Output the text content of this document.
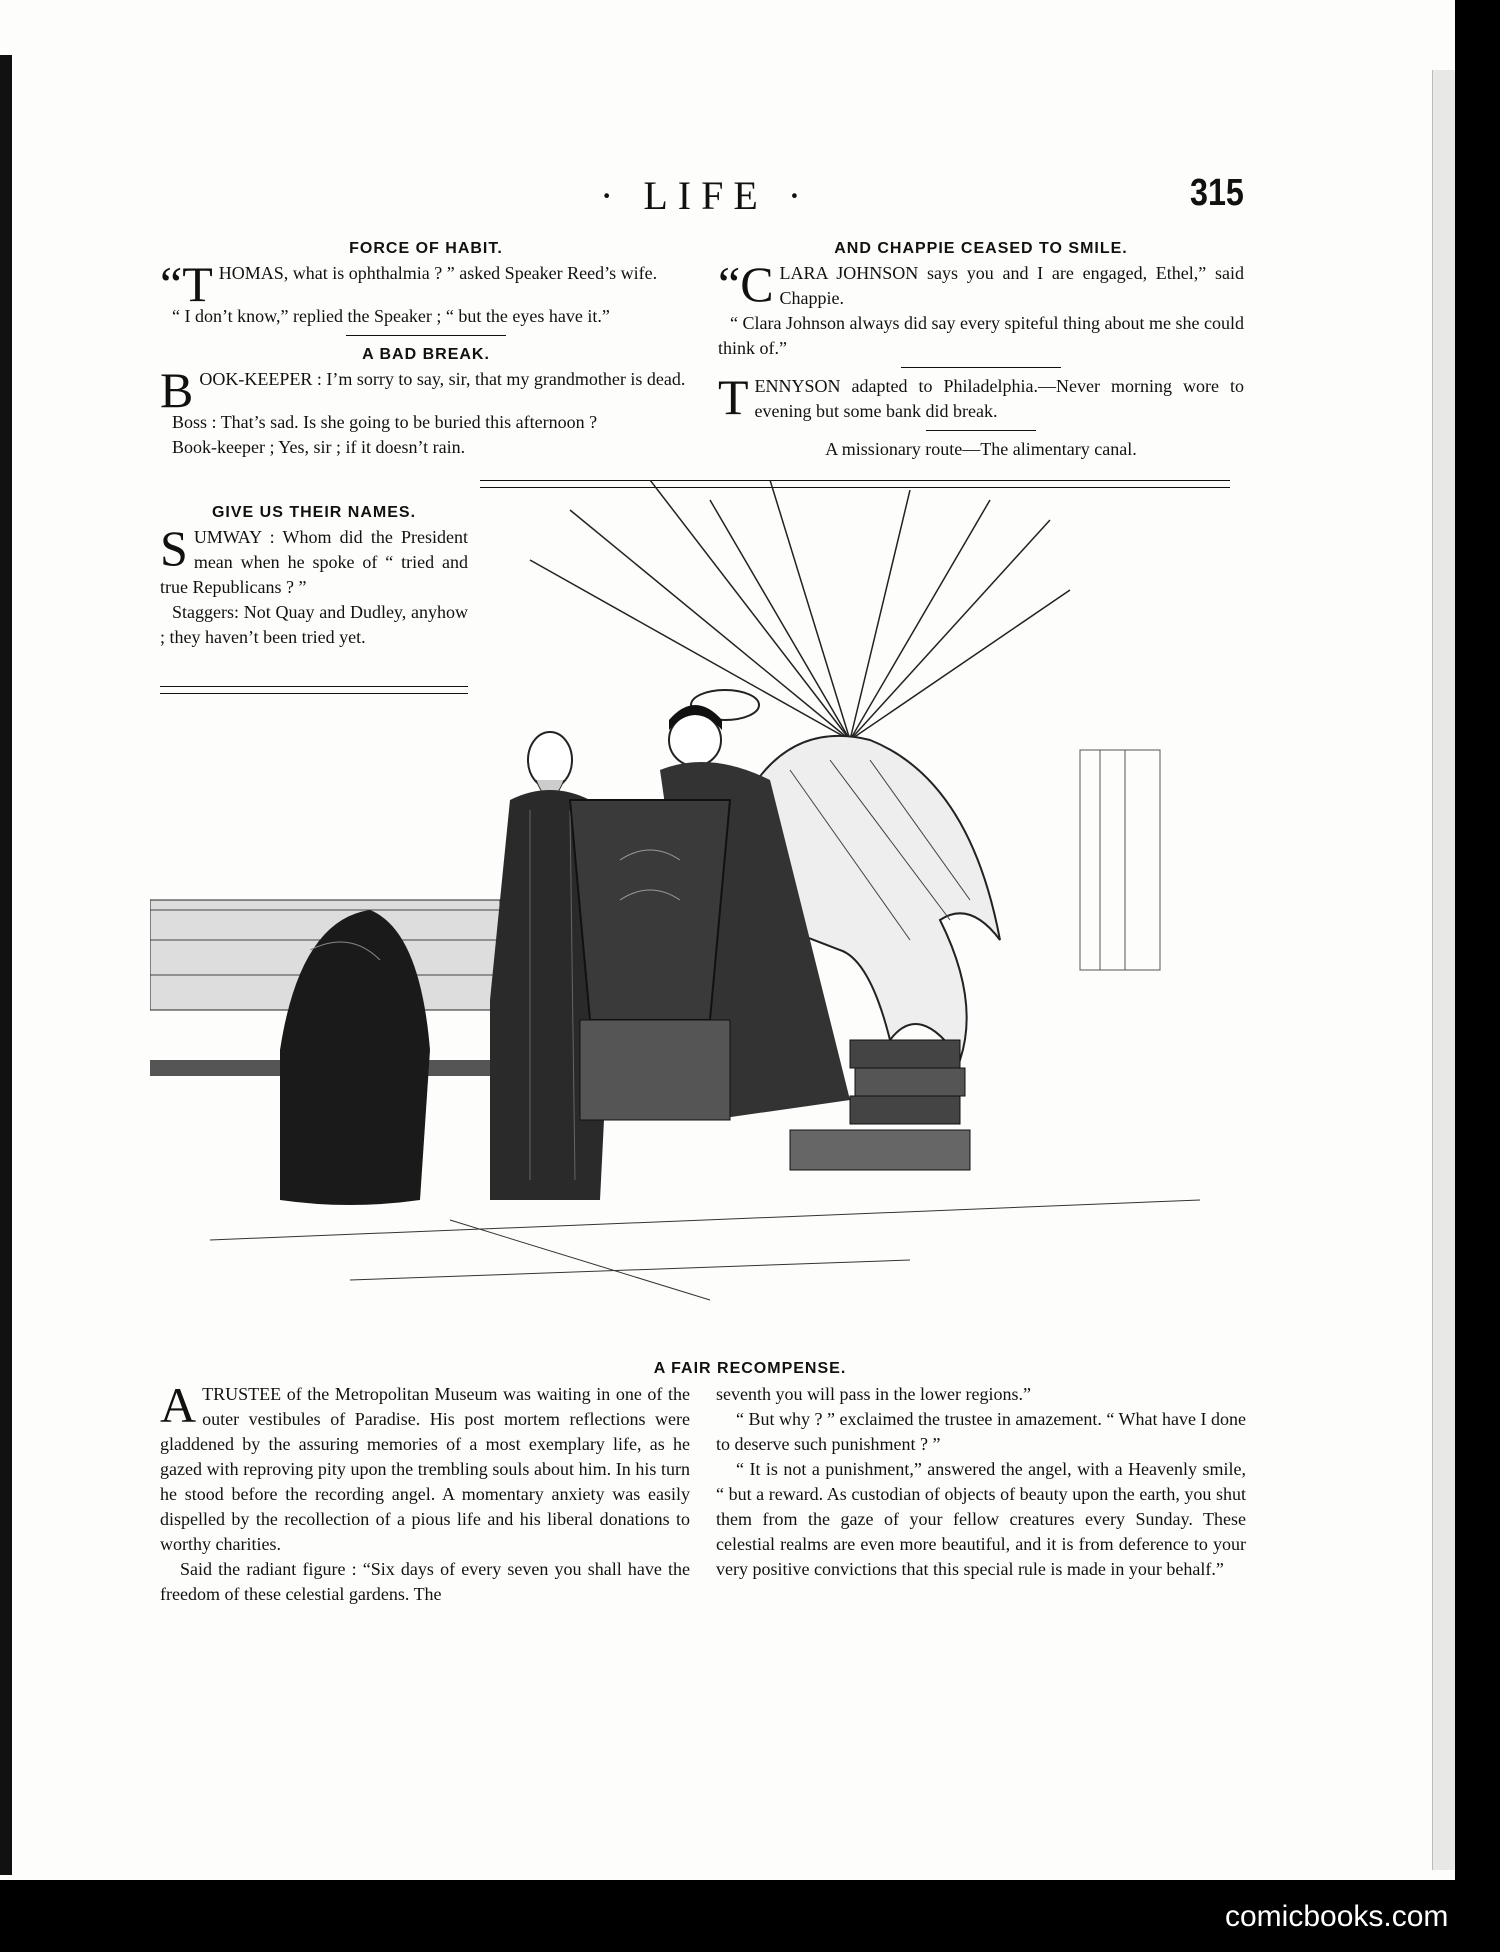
· LIFE ·	315

FORCE OF HABIT.

“THOMAS, what is ophthalmia ? ” asked Speaker Reed’s wife.

“ I don’t know,” replied the Speaker ; “ but the eyes have it.”

A BAD BREAK.

BOOK-KEEPER : I’m sorry to say, sir, that my grandmother is dead.

Boss : That’s sad. Is she going to be buried this afternoon ?

Book-keeper ; Yes, sir ; if it doesn’t rain.

AND CHAPPIE CEASED TO SMILE.

“CLARA JOHNSON says you and I are engaged, Ethel,” said Chappie.

“ Clara Johnson always did say every spiteful thing about me she could think of.”

TENNYSON adapted to Philadelphia.—Never morning wore to evening but some bank did break.

A missionary route—The alimentary canal.

GIVE US THEIR NAMES.

SUMWAY : Whom did the President mean when he spoke of “ tried and true Republicans ? ”

Staggers: Not Quay and Dudley, anyhow ; they haven’t been tried yet.

A FAIR RECOMPENSE.

ATRUSTEE of the Metropolitan Museum was waiting in one of the outer vestibules of Paradise. His post mortem reflections were gladdened by the assuring memories of a most exemplary life, as he gazed with reproving pity upon the trembling souls about him. In his turn he stood before the recording angel. A momentary anxiety was easily dispelled by the recollection of a pious life and his liberal donations to worthy charities.

Said the radiant figure : “Six days of every seven you shall have the freedom of these celestial gardens. The

seventh you will pass in the lower regions.”

“ But why ? ” exclaimed the trustee in amazement. “ What have I done to deserve such punishment ? ”

“ It is not a punishment,” answered the angel, with a Heavenly smile, “ but a reward. As custodian of objects of beauty upon the earth, you shut them from the gaze of your fellow creatures every Sunday. These celestial realms are even more beautiful, and it is from deference to your very positive convictions that this special rule is made in your behalf.”

comicbooks.com
